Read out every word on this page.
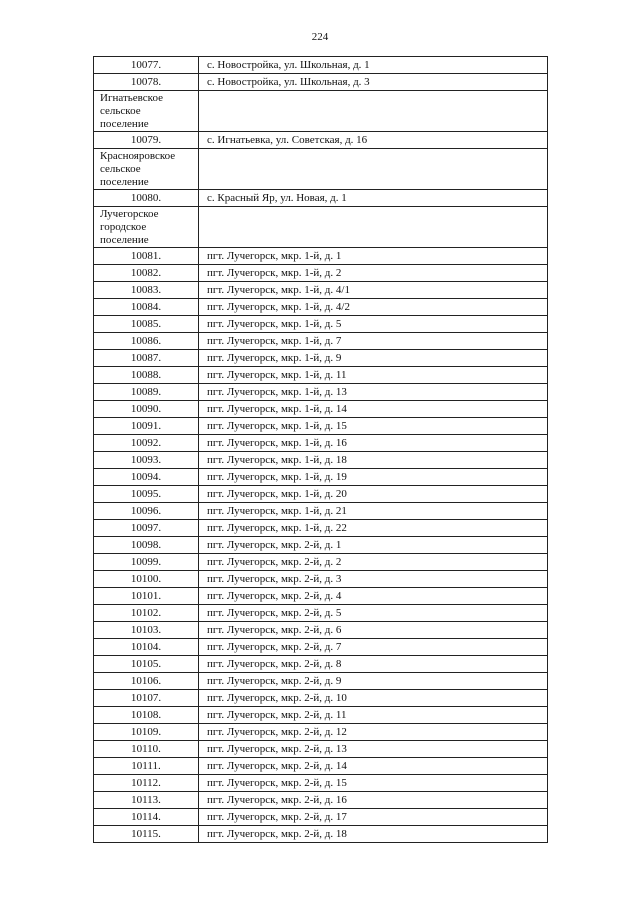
224
10077.	с. Новостройка, ул. Школьная, д. 1
10078.	с. Новостройка, ул. Школьная, д. 3

Игнатьевское
сельское
поселение	

10079.	с. Игнатьевка, ул. Советская, д. 16

Краснояровское
сельское
поселение	

10080.	с. Красный Яр, ул. Новая, д. 1

Лучегорское
городское
поселение	

10081.	пгт. Лучегорск, мкр. 1-й, д. 1
10082.	пгт. Лучегорск, мкр. 1-й, д. 2
10083.	пгт. Лучегорск, мкр. 1-й, д. 4/1
10084.	пгт. Лучегорск, мкр. 1-й, д. 4/2
10085.	пгт. Лучегорск, мкр. 1-й, д. 5
10086.	пгт. Лучегорск, мкр. 1-й, д. 7
10087.	пгт. Лучегорск, мкр. 1-й, д. 9
10088.	пгт. Лучегорск, мкр. 1-й, д. 11
10089.	пгт. Лучегорск, мкр. 1-й, д. 13
10090.	пгт. Лучегорск, мкр. 1-й, д. 14
10091.	пгт. Лучегорск, мкр. 1-й, д. 15
10092.	пгт. Лучегорск, мкр. 1-й, д. 16
10093.	пгт. Лучегорск, мкр. 1-й, д. 18
10094.	пгт. Лучегорск, мкр. 1-й, д. 19
10095.	пгт. Лучегорск, мкр. 1-й, д. 20
10096.	пгт. Лучегорск, мкр. 1-й, д. 21
10097.	пгт. Лучегорск, мкр. 1-й, д. 22
10098.	пгт. Лучегорск, мкр. 2-й, д. 1
10099.	пгт. Лучегорск, мкр. 2-й, д. 2
10100.	пгт. Лучегорск, мкр. 2-й, д. 3
10101.	пгт. Лучегорск, мкр. 2-й, д. 4
10102.	пгт. Лучегорск, мкр. 2-й, д. 5
10103.	пгт. Лучегорск, мкр. 2-й, д. 6
10104.	пгт. Лучегорск, мкр. 2-й, д. 7
10105.	пгт. Лучегорск, мкр. 2-й, д. 8
10106.	пгт. Лучегорск, мкр. 2-й, д. 9
10107.	пгт. Лучегорск, мкр. 2-й, д. 10
10108.	пгт. Лучегорск, мкр. 2-й, д. 11
10109.	пгт. Лучегорск, мкр. 2-й, д. 12
10110.	пгт. Лучегорск, мкр. 2-й, д. 13
10111.	пгт. Лучегорск, мкр. 2-й, д. 14
10112.	пгт. Лучегорск, мкр. 2-й, д. 15
10113.	пгт. Лучегорск, мкр. 2-й, д. 16
10114.	пгт. Лучегорск, мкр. 2-й, д. 17
10115.	пгт. Лучегорск, мкр. 2-й, д. 18
